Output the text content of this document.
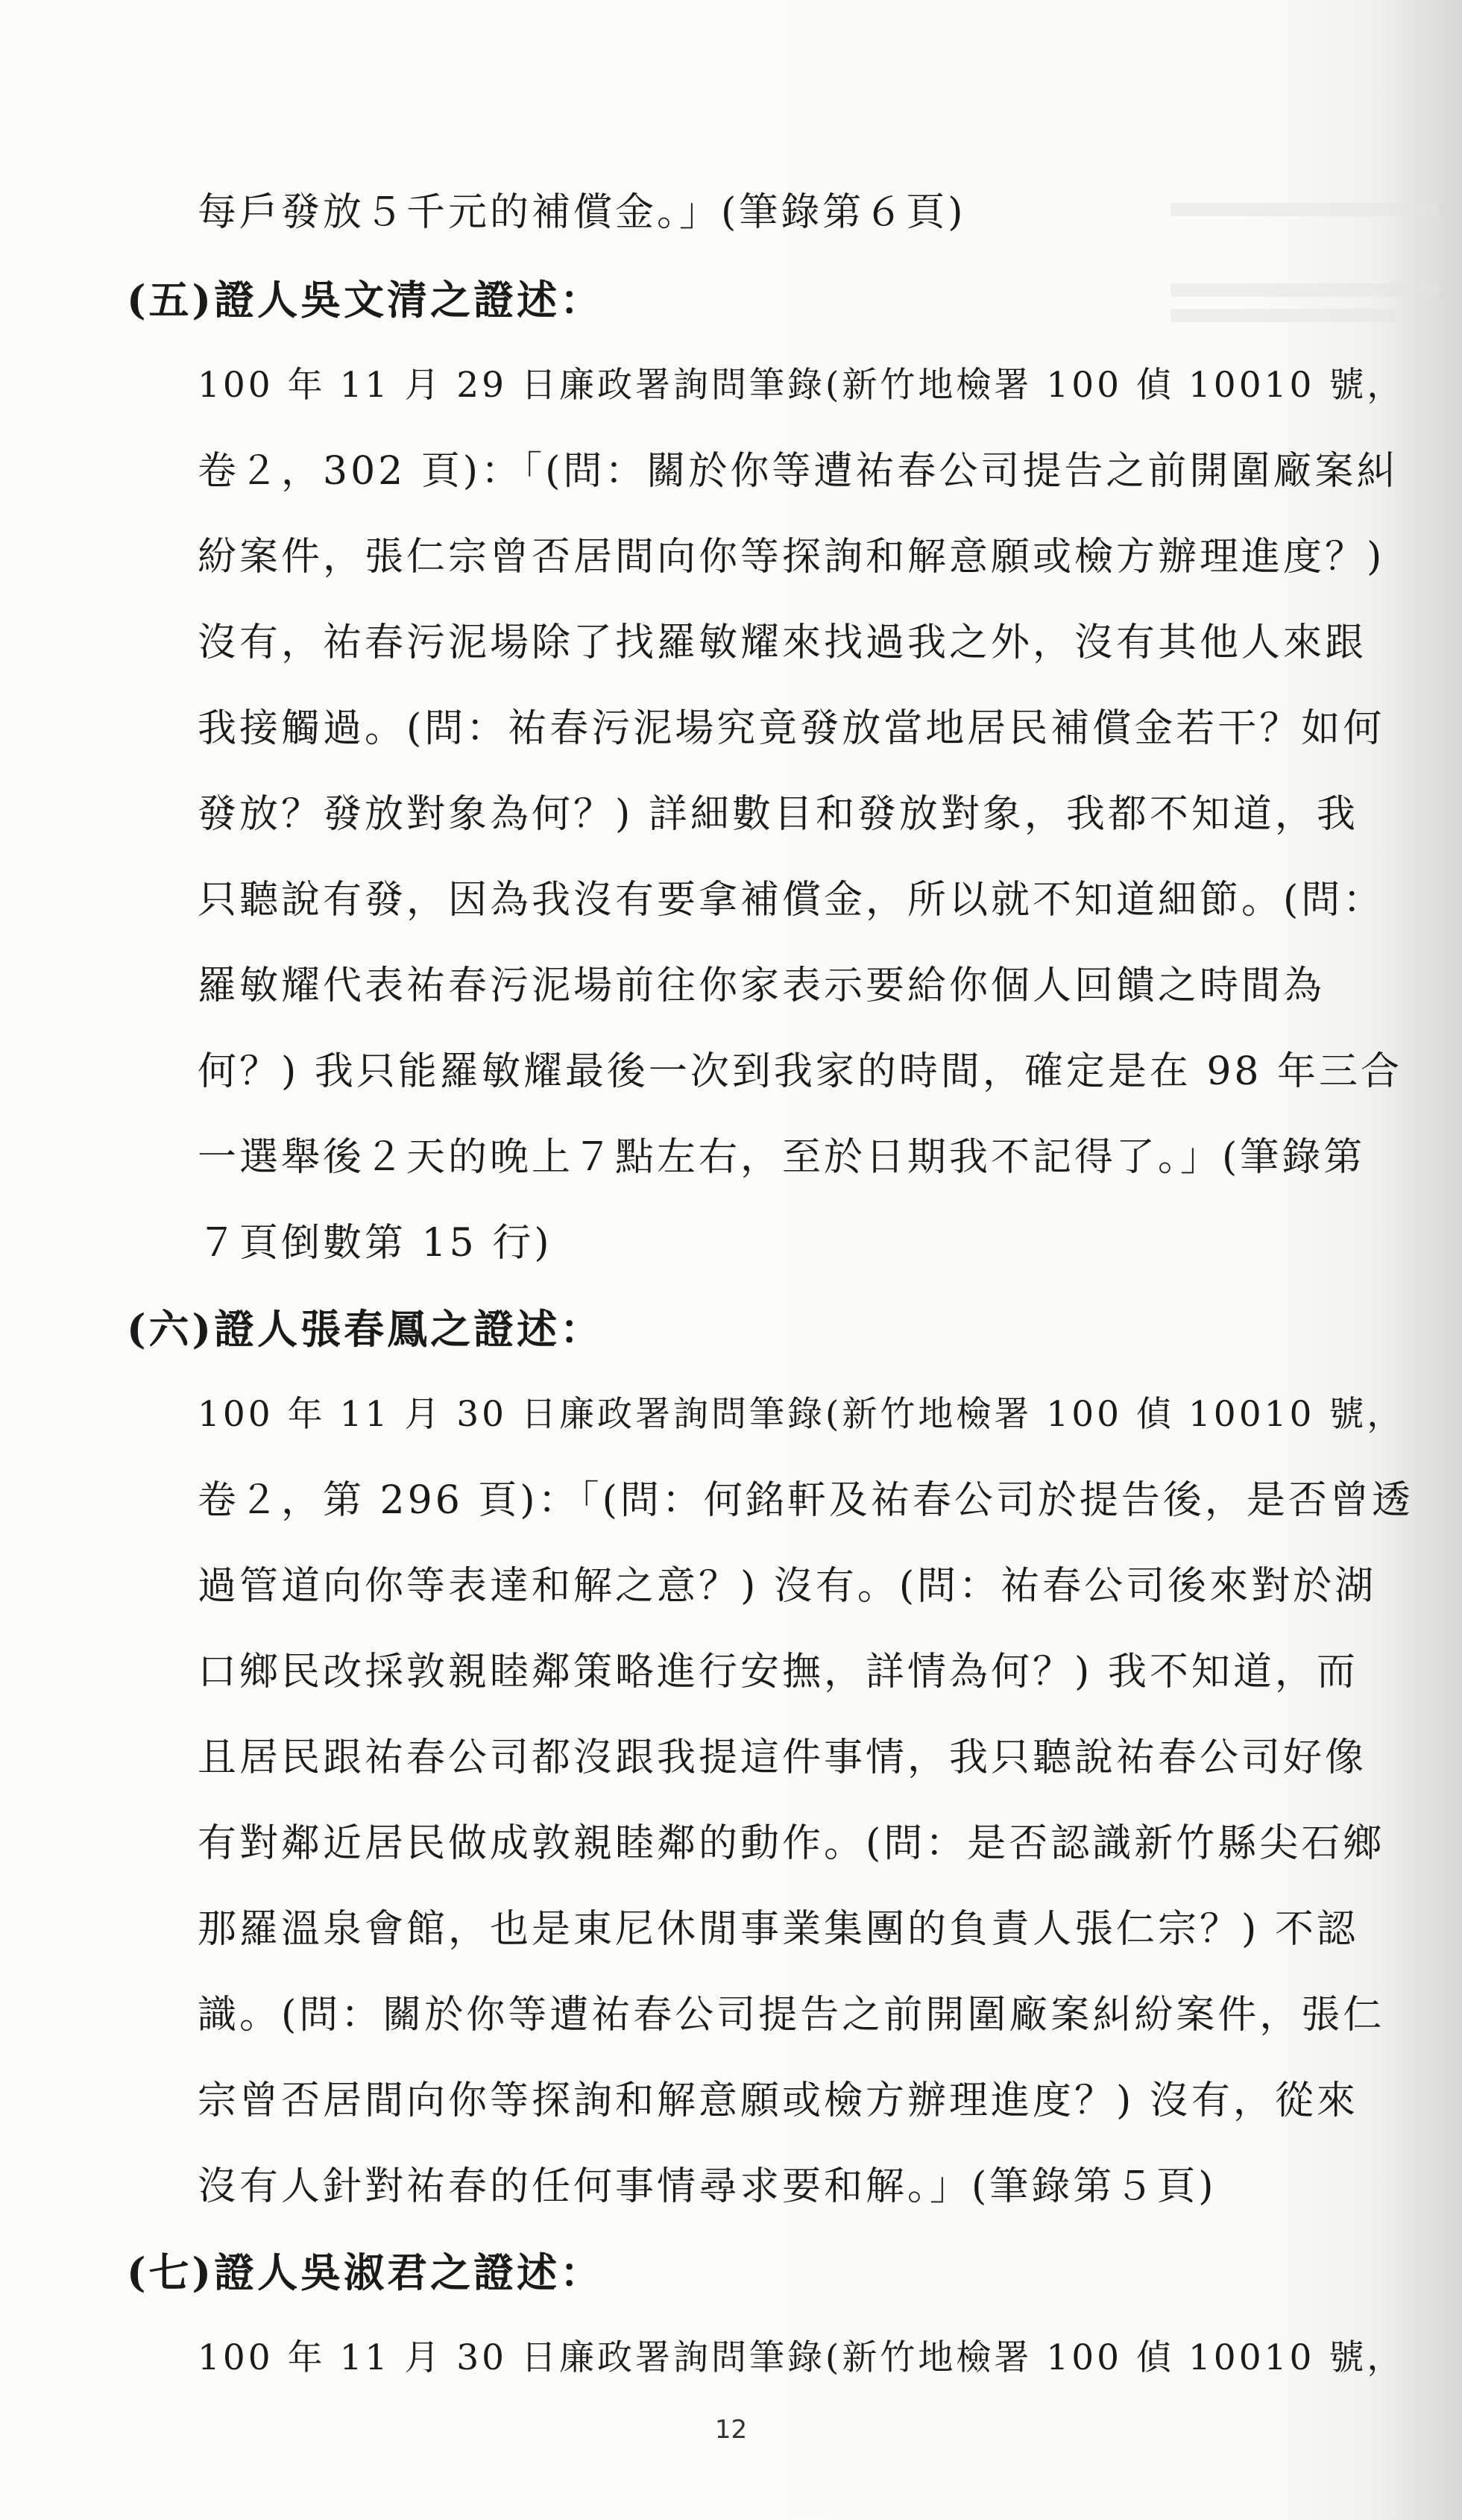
每戶發放５千元的補償金。」(筆錄第６頁)
(五)證人吳文清之證述：
100 年 11 月 29 日廉政署詢問筆錄(新竹地檢署 100 偵 10010 號，
卷２，302 頁)：「(問：關於你等遭祐春公司提告之前開圍廠案糾
紛案件，張仁宗曾否居間向你等探詢和解意願或檢方辦理進度？)
沒有，祐春污泥場除了找羅敏耀來找過我之外，沒有其他人來跟
我接觸過。(問：祐春污泥場究竟發放當地居民補償金若干？如何
發放？發放對象為何？) 詳細數目和發放對象，我都不知道，我
只聽說有發，因為我沒有要拿補償金，所以就不知道細節。(問：
羅敏耀代表祐春污泥場前往你家表示要給你個人回饋之時間為
何？) 我只能羅敏耀最後一次到我家的時間，確定是在 98 年三合
一選舉後２天的晚上７點左右，至於日期我不記得了。」(筆錄第
７頁倒數第 15 行)
(六)證人張春鳳之證述：
100 年 11 月 30 日廉政署詢問筆錄(新竹地檢署 100 偵 10010 號，
卷２，第 296 頁)：「(問：何銘軒及祐春公司於提告後，是否曾透
過管道向你等表達和解之意？) 沒有。(問：祐春公司後來對於湖
口鄉民改採敦親睦鄰策略進行安撫，詳情為何？) 我不知道，而
且居民跟祐春公司都沒跟我提這件事情，我只聽說祐春公司好像
有對鄰近居民做成敦親睦鄰的動作。(問：是否認識新竹縣尖石鄉
那羅溫泉會館，也是東尼休閒事業集團的負責人張仁宗？) 不認
識。(問：關於你等遭祐春公司提告之前開圍廠案糾紛案件，張仁
宗曾否居間向你等探詢和解意願或檢方辦理進度？) 沒有，從來
沒有人針對祐春的任何事情尋求要和解。」(筆錄第５頁)
(七)證人吳淑君之證述：
100 年 11 月 30 日廉政署詢問筆錄(新竹地檢署 100 偵 10010 號，
12
